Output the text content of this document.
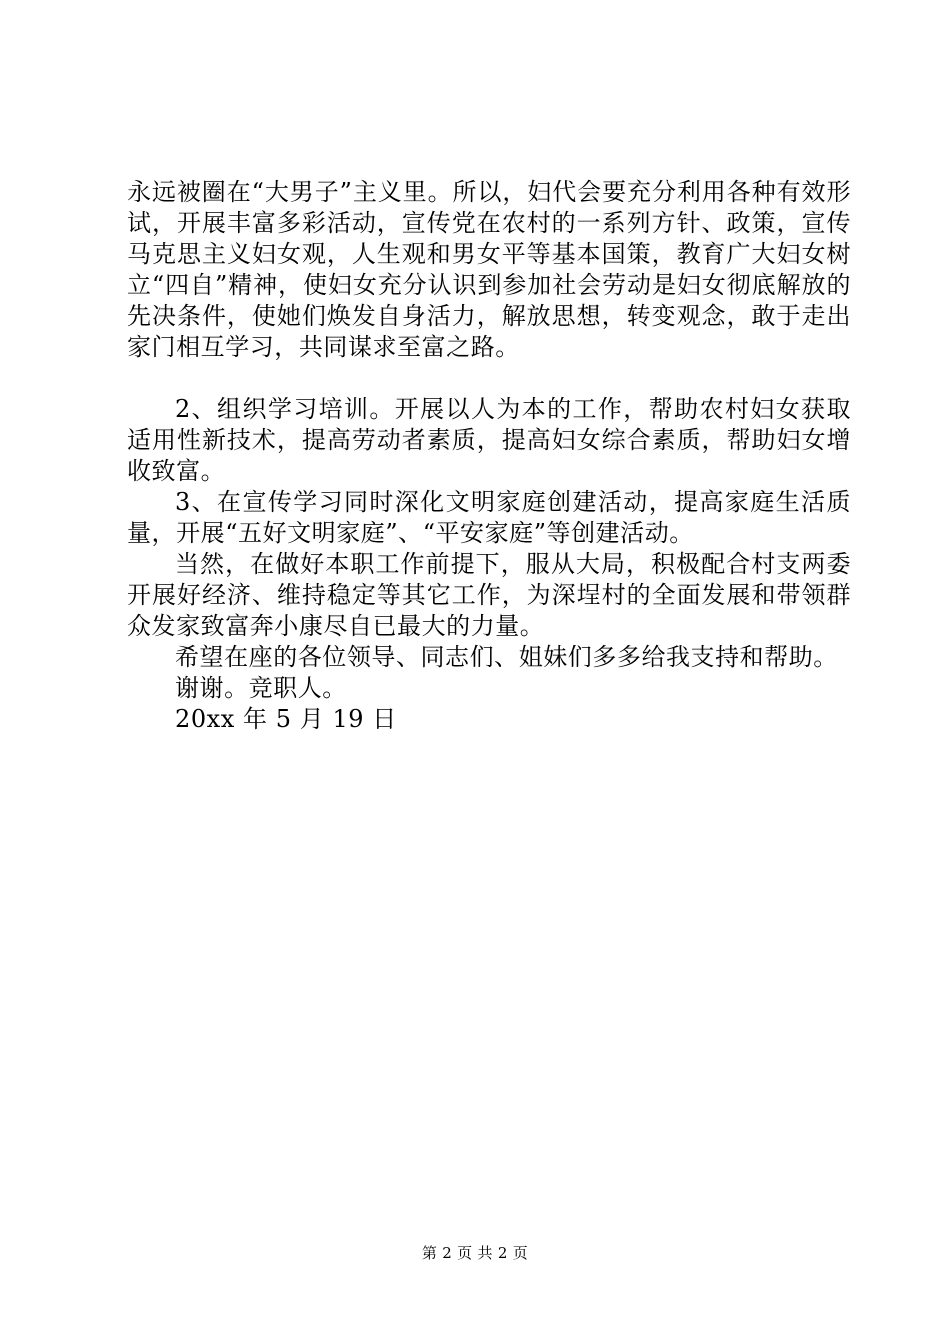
永远被圈在“大男子”主义里。所以，妇代会要充分利用各种有效形试，开展丰富多彩活动，宣传党在农村的一系列方针、政策，宣传马克思主义妇女观，人生观和男女平等基本国策，教育广大妇女树立“四自”精神，使妇女充分认识到参加社会劳动是妇女彻底解放的先决条件，使她们焕发自身活力，解放思想，转变观念，敢于走出家门相互学习，共同谋求至富之路。

2、组织学习培训。开展以人为本的工作，帮助农村妇女获取适用性新技术，提高劳动者素质，提高妇女综合素质，帮助妇女增收致富。

3、在宣传学习同时深化文明家庭创建活动，提高家庭生活质量，开展“五好文明家庭”、“平安家庭”等创建活动。

当然，在做好本职工作前提下，服从大局，积极配合村支两委开展好经济、维持稳定等其它工作，为深埕村的全面发展和带领群众发家致富奔小康尽自已最大的力量。

希望在座的各位领导、同志们、姐妹们多多给我支持和帮助。

谢谢。竞职人。

20xx 年 5 月 19 日

第 2 页 共 2 页
